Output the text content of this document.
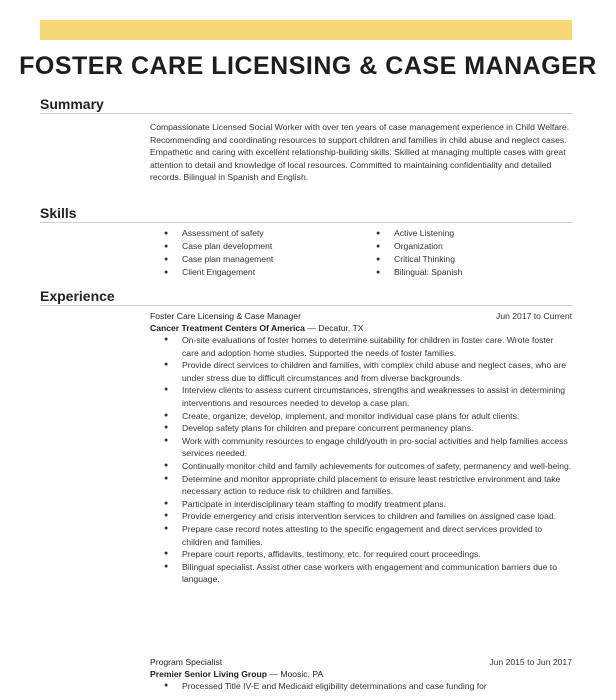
FOSTER CARE LICENSING & CASE MANAGER
Summary
Compassionate Licensed Social Worker with over ten years of case management experience in Child Welfare. Recommending and coordinating resources to support children and families in child abuse and neglect cases. Empathetic and caring with excellent relationship-building skills. Skilled at managing multiple cases with great attention to detail and knowledge of local resources. Committed to maintaining confidentiality and detailed records. Bilingual in Spanish and English.
Skills
● Assessment of safety
● Case plan development
● Case plan management
● Client Engagement
● Active Listening
● Organization
● Critical Thinking
● Bilingual: Spanish
Experience
Foster Care Licensing & Case Manager	Jun 2017 to Current
Cancer Treatment Centers Of America — Decatur, TX
● On-site evaluations of foster homes to determine suitability for children in foster care. Wrote foster care and adoption home studies. Supported the needs of foster families.
● Provide direct services to children and families, with complex child abuse and neglect cases, who are under stress due to difficult circumstances and from diverse backgrounds.
● Interview clients to assess current circumstances, strengths and weaknesses to assist in determining interventions and resources needed to develop a case plan.
● Create, organize, develop, implement, and monitor individual case plans for adult clients.
● Develop safety plans for children and prepare concurrent permanency plans.
● Work with community resources to engage child/youth in pro-social activities and help families access services needed.
● Continually monitor child and family achievements for outcomes of safety, permanency and well-being.
● Determine and monitor appropriate child placement to ensure least restrictive environment and take necessary action to reduce risk to children and families.
● Participate in interdisciplinary team staffing to modify treatment plans.
● Provide emergency and crisis intervention services to children and families on assigned case load.
● Prepare case record notes attesting to the specific engagement and direct services provided to children and families.
● Prepare court reports, affidavits, testimony, etc. for required court proceedings.
● Bilingual specialist. Assist other case workers with engagement and communication barriers due to language.
Program Specialist	Jun 2015 to Jun 2017
Premier Senior Living Group — Moosic, PA
● Processed Title IV-E and Medicaid eligibility determinations and case funding for
